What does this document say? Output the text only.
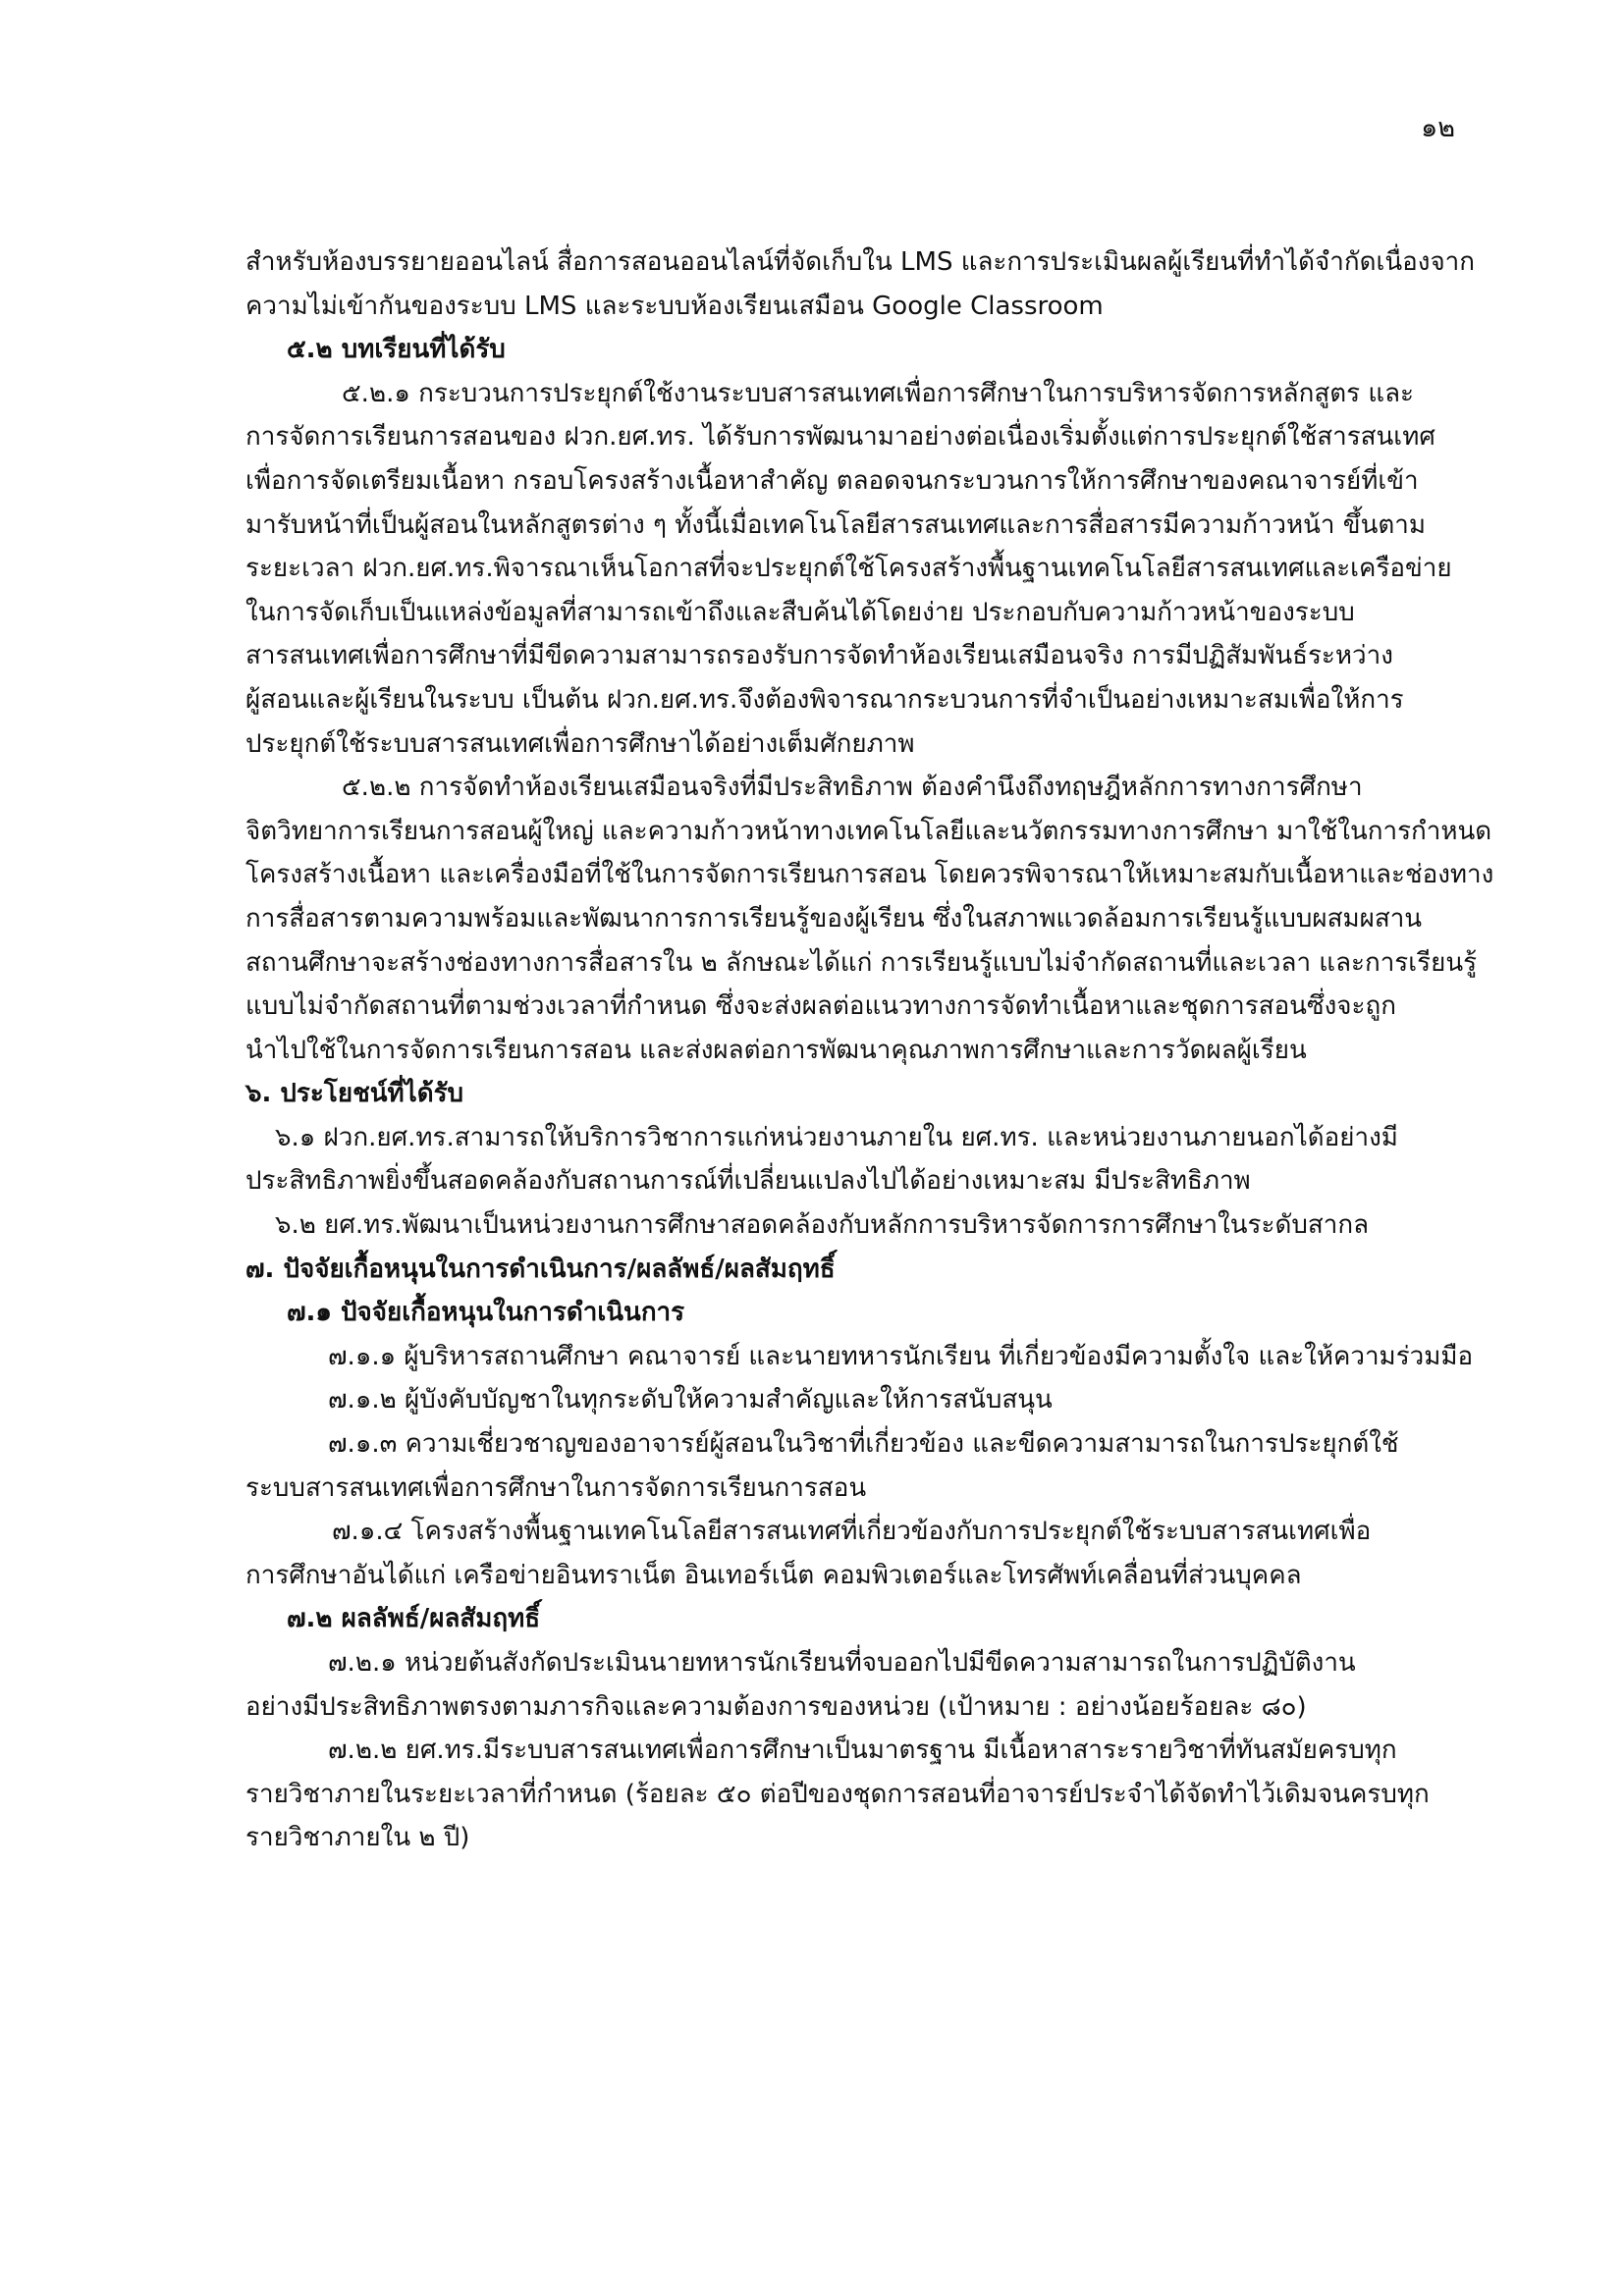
๑๒
สำหรับห้องบรรยายออนไลน์ สื่อการสอนออนไลน์ที่จัดเก็บใน LMS และการประเมินผลผู้เรียนที่ทำได้จำกัดเนื่องจาก
ความไม่เข้ากันของระบบ LMS และระบบห้องเรียนเสมือน Google Classroom
๕.๒ บทเรียนที่ได้รับ
๕.๒.๑ กระบวนการประยุกต์ใช้งานระบบสารสนเทศเพื่อการศึกษาในการบริหารจัดการหลักสูตร และ
การจัดการเรียนการสอนของ ฝวก.ยศ.ทร. ได้รับการพัฒนามาอย่างต่อเนื่องเริ่มตั้งแต่การประยุกต์ใช้สารสนเทศ
เพื่อการจัดเตรียมเนื้อหา กรอบโครงสร้างเนื้อหาสำคัญ ตลอดจนกระบวนการให้การศึกษาของคณาจารย์ที่เข้า
มารับหน้าที่เป็นผู้สอนในหลักสูตรต่าง ๆ ทั้งนี้เมื่อเทคโนโลยีสารสนเทศและการสื่อสารมีความก้าวหน้า ขึ้นตาม
ระยะเวลา ฝวก.ยศ.ทร.พิจารณาเห็นโอกาสที่จะประยุกต์ใช้โครงสร้างพื้นฐานเทคโนโลยีสารสนเทศและเครือข่าย
ในการจัดเก็บเป็นแหล่งข้อมูลที่สามารถเข้าถึงและสืบค้นได้โดยง่าย ประกอบกับความก้าวหน้าของระบบ
สารสนเทศเพื่อการศึกษาที่มีขีดความสามารถรองรับการจัดทำห้องเรียนเสมือนจริง การมีปฏิสัมพันธ์ระหว่าง
ผู้สอนและผู้เรียนในระบบ เป็นต้น ฝวก.ยศ.ทร.จึงต้องพิจารณากระบวนการที่จำเป็นอย่างเหมาะสมเพื่อให้การ
ประยุกต์ใช้ระบบสารสนเทศเพื่อการศึกษาได้อย่างเต็มศักยภาพ
๕.๒.๒ การจัดทำห้องเรียนเสมือนจริงที่มีประสิทธิภาพ ต้องคำนึงถึงทฤษฎีหลักการทางการศึกษา
จิตวิทยาการเรียนการสอนผู้ใหญ่ และความก้าวหน้าทางเทคโนโลยีและนวัตกรรมทางการศึกษา มาใช้ในการกำหนด
โครงสร้างเนื้อหา และเครื่องมือที่ใช้ในการจัดการเรียนการสอน โดยควรพิจารณาให้เหมาะสมกับเนื้อหาและช่องทาง
การสื่อสารตามความพร้อมและพัฒนาการการเรียนรู้ของผู้เรียน ซึ่งในสภาพแวดล้อมการเรียนรู้แบบผสมผสาน
สถานศึกษาจะสร้างช่องทางการสื่อสารใน ๒ ลักษณะได้แก่ การเรียนรู้แบบไม่จำกัดสถานที่และเวลา และการเรียนรู้
แบบไม่จำกัดสถานที่ตามช่วงเวลาที่กำหนด ซึ่งจะส่งผลต่อแนวทางการจัดทำเนื้อหาและชุดการสอนซึ่งจะถูก
นำไปใช้ในการจัดการเรียนการสอน และส่งผลต่อการพัฒนาคุณภาพการศึกษาและการวัดผลผู้เรียน
๖. ประโยชน์ที่ได้รับ
๖.๑ ฝวก.ยศ.ทร.สามารถให้บริการวิชาการแก่หน่วยงานภายใน ยศ.ทร. และหน่วยงานภายนอกได้อย่างมี
ประสิทธิภาพยิ่งขึ้นสอดคล้องกับสถานการณ์ที่เปลี่ยนแปลงไปได้อย่างเหมาะสม มีประสิทธิภาพ
๖.๒ ยศ.ทร.พัฒนาเป็นหน่วยงานการศึกษาสอดคล้องกับหลักการบริหารจัดการการศึกษาในระดับสากล
๗. ปัจจัยเกื้อหนุนในการดำเนินการ/ผลลัพธ์/ผลสัมฤทธิ์
๗.๑ ปัจจัยเกื้อหนุนในการดำเนินการ
๗.๑.๑ ผู้บริหารสถานศึกษา คณาจารย์ และนายทหารนักเรียน ที่เกี่ยวข้องมีความตั้งใจ และให้ความร่วมมือ
๗.๑.๒ ผู้บังคับบัญชาในทุกระดับให้ความสำคัญและให้การสนับสนุน
๗.๑.๓ ความเชี่ยวชาญของอาจารย์ผู้สอนในวิชาที่เกี่ยวข้อง และขีดความสามารถในการประยุกต์ใช้
ระบบสารสนเทศเพื่อการศึกษาในการจัดการเรียนการสอน
๗.๑.๔ โครงสร้างพื้นฐานเทคโนโลยีสารสนเทศที่เกี่ยวข้องกับการประยุกต์ใช้ระบบสารสนเทศเพื่อ
การศึกษาอันได้แก่ เครือข่ายอินทราเน็ต อินเทอร์เน็ต คอมพิวเตอร์และโทรศัพท์เคลื่อนที่ส่วนบุคคล
๗.๒ ผลลัพธ์/ผลสัมฤทธิ์
๗.๒.๑ หน่วยต้นสังกัดประเมินนายทหารนักเรียนที่จบออกไปมีขีดความสามารถในการปฏิบัติงาน
อย่างมีประสิทธิภาพตรงตามภารกิจและความต้องการของหน่วย (เป้าหมาย : อย่างน้อยร้อยละ ๘๐)
๗.๒.๒ ยศ.ทร.มีระบบสารสนเทศเพื่อการศึกษาเป็นมาตรฐาน มีเนื้อหาสาระรายวิชาที่ทันสมัยครบทุก
รายวิชาภายในระยะเวลาที่กำหนด (ร้อยละ ๕๐ ต่อปีของชุดการสอนที่อาจารย์ประจำได้จัดทำไว้เดิมจนครบทุก
รายวิชาภายใน ๒ ปี)
